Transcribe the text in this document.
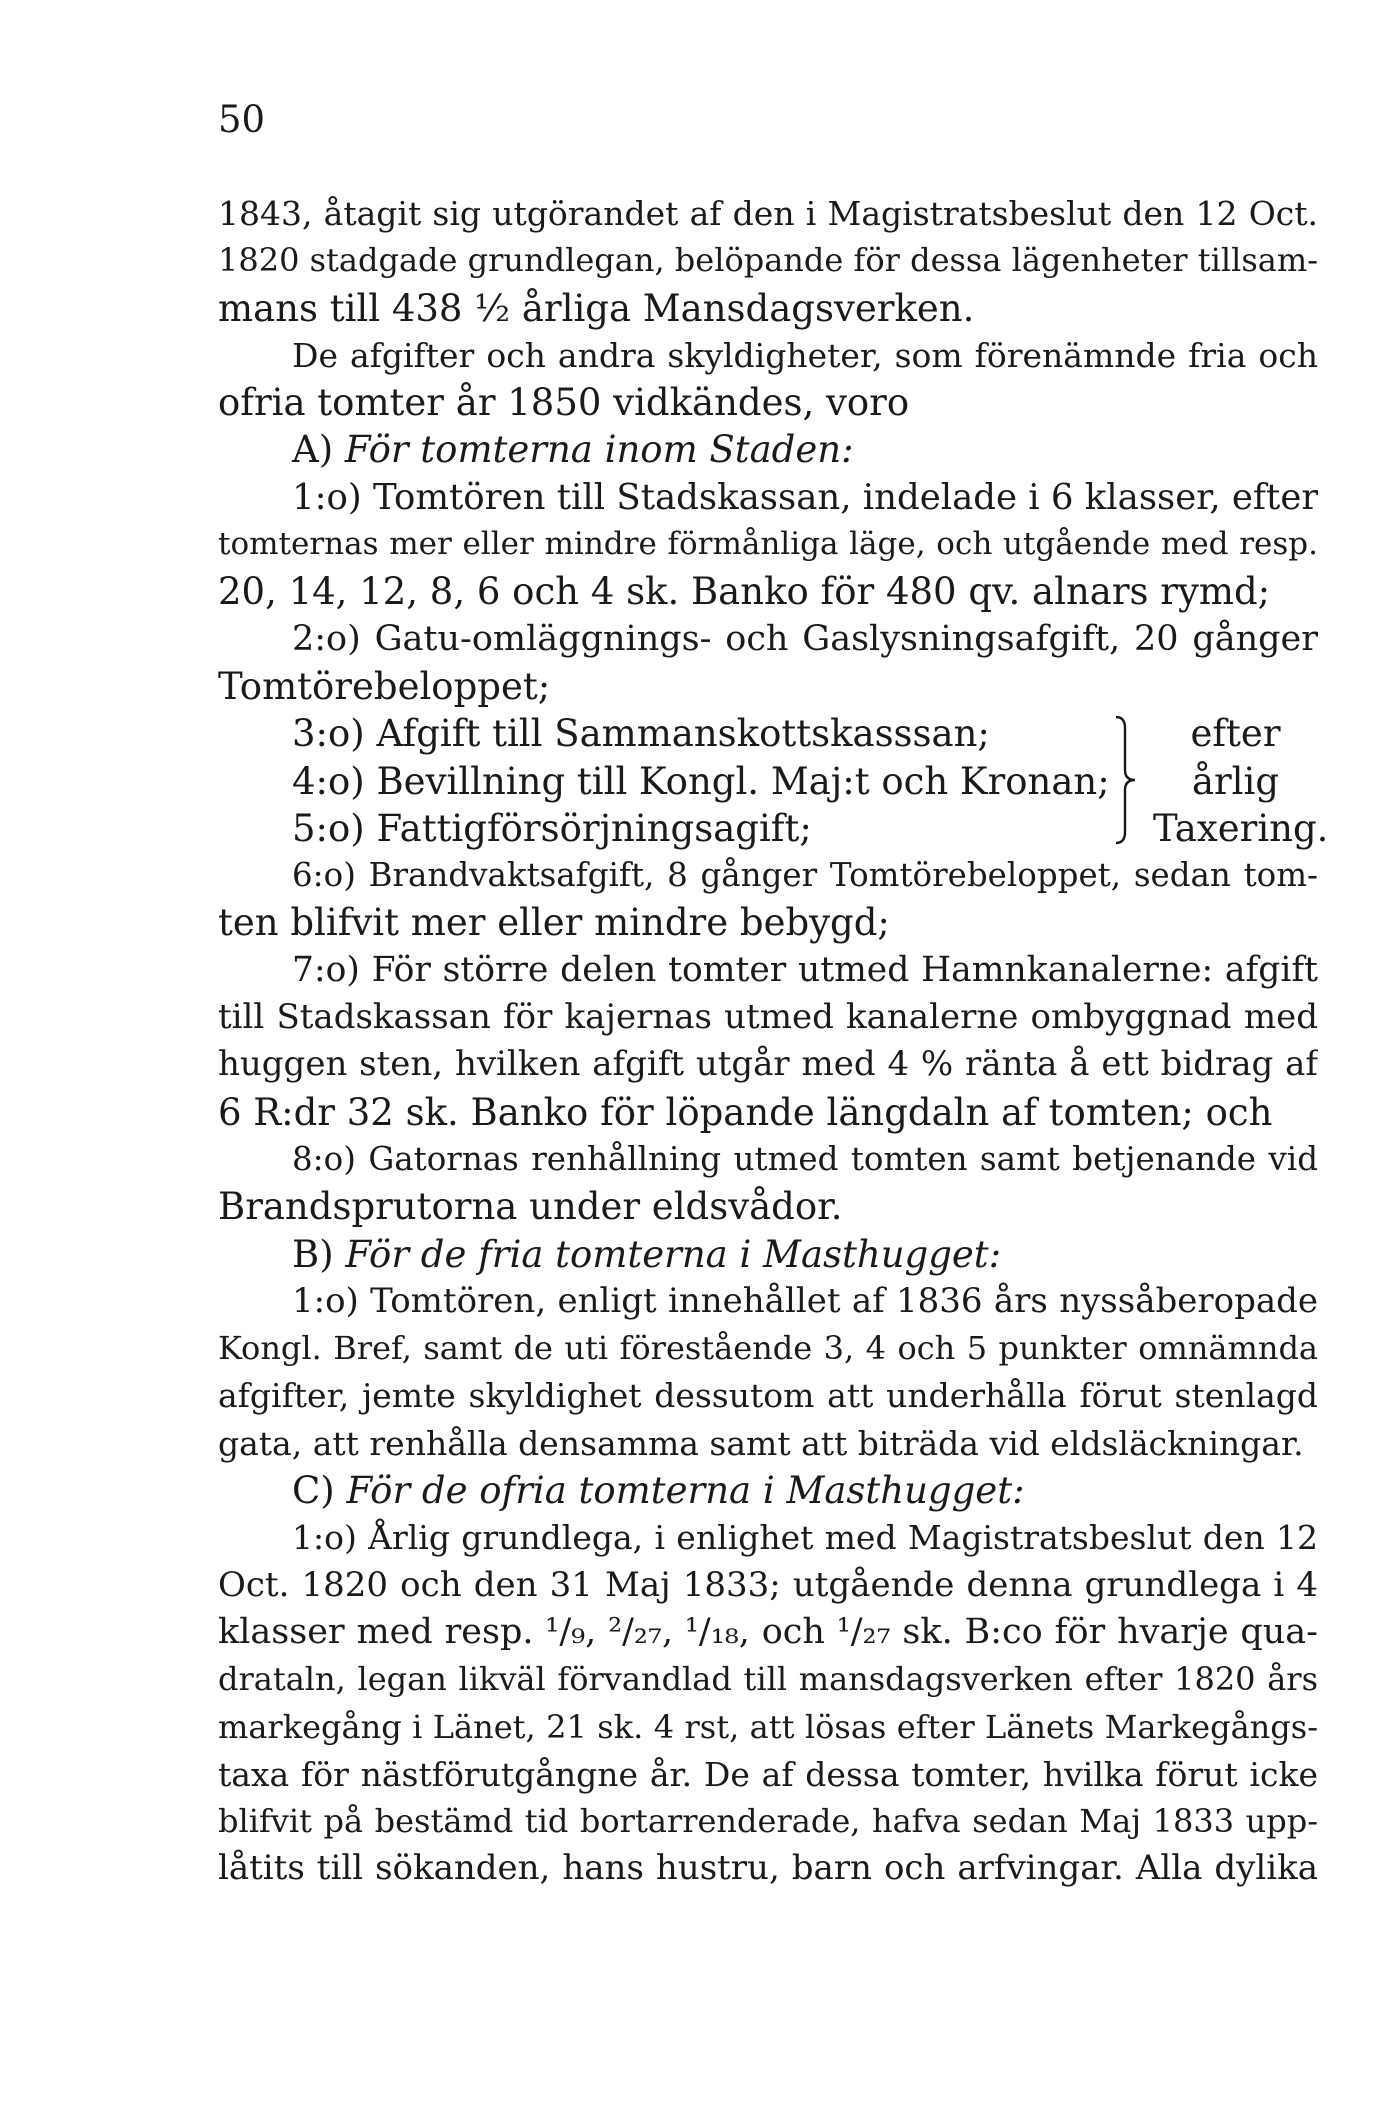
50
1843, åtagit sig utgörandet af den i Magistratsbeslut den 12 Oct.
1820 stadgade grundlegan, belöpande för dessa lägenheter tillsam-
mans till 438 ½ årliga Mansdagsverken.
De afgifter och andra skyldigheter, som förenämnde fria och
ofria tomter år 1850 vidkändes, voro
A) För tomterna inom Staden:
1:o) Tomtören till Stadskassan, indelade i 6 klasser, efter
tomternas mer eller mindre förmånliga läge, och utgående med resp.
20, 14, 12, 8, 6 och 4 sk. Banko för 480 qv. alnars rymd;
2:o) Gatu-omläggnings- och Gaslysningsafgift, 20 gånger
Tomtörebeloppet;
3:o) Afgift till Sammanskottskasssan;
4:o) Bevillning till Kongl. Maj:t och Kronan;
5:o) Fattigförsörjningsagift;
efter
årlig
Taxering.
6:o) Brandvaktsafgift, 8 gånger Tomtörebeloppet, sedan tom-
ten blifvit mer eller mindre bebygd;
7:o) För större delen tomter utmed Hamnkanalerne: afgift
till Stadskassan för kajernas utmed kanalerne ombyggnad med
huggen sten, hvilken afgift utgår med 4 % ränta å ett bidrag af
6 R:dr 32 sk. Banko för löpande längdaln af tomten; och
8:o) Gatornas renhållning utmed tomten samt betjenande vid
Brandsprutorna under eldsvådor.
B) För de fria tomterna i Masthugget:
1:o) Tomtören, enligt innehållet af 1836 års nyssåberopade
Kongl. Bref, samt de uti förestående 3, 4 och 5 punkter omnämnda
afgifter, jemte skyldighet dessutom att underhålla förut stenlagd
gata, att renhålla densamma samt att biträda vid eldsläckningar.
C) För de ofria tomterna i Masthugget:
1:o) Årlig grundlega, i enlighet med Magistratsbeslut den 12
Oct. 1820 och den 31 Maj 1833; utgående denna grundlega i 4
klasser med resp. ¹/₉, ²/₂₇, ¹/₁₈, och ¹/₂₇ sk. B:co för hvarje qua-
drataln, legan likväl förvandlad till mansdagsverken efter 1820 års
markegång i Länet, 21 sk. 4 rst, att lösas efter Länets Markegångs-
taxa för nästförutgångne år. De af dessa tomter, hvilka förut icke
blifvit på bestämd tid bortarrenderade, hafva sedan Maj 1833 upp-
låtits till sökanden, hans hustru, barn och arfvingar. Alla dylika
